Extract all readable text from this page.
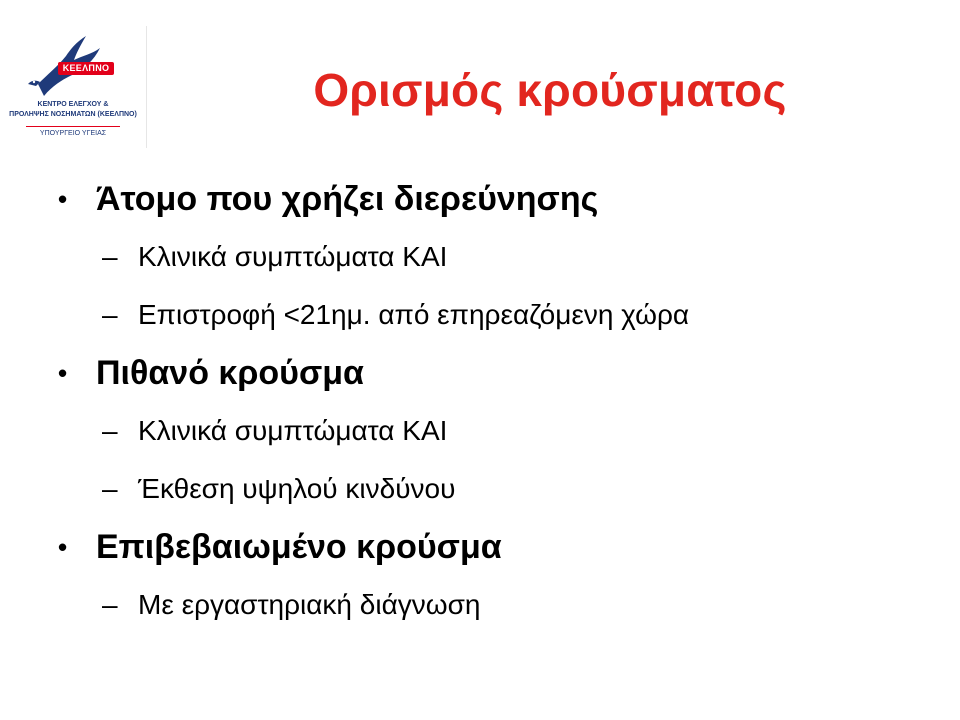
ΚΕΕΛΠΝΟ
ΚΕΝΤΡΟ ΕΛΕΓΧΟΥ &
ΠΡΟΛΗΨΗΣ ΝΟΣΗΜΑΤΩΝ (ΚΕΕΛΠΝΟ)
ΥΠΟΥΡΓΕΙΟ ΥΓΕΙΑΣ
Ορισμός κρούσματος
• Άτομο που χρήζει διερεύνησης
– Κλινικά συμπτώματα ΚΑΙ
– Επιστροφή <21ημ. από επηρεαζόμενη χώρα
• Πιθανό κρούσμα
– Κλινικά συμπτώματα ΚΑΙ
– Έκθεση υψηλού κινδύνου
• Επιβεβαιωμένο κρούσμα
– Με εργαστηριακή διάγνωση
